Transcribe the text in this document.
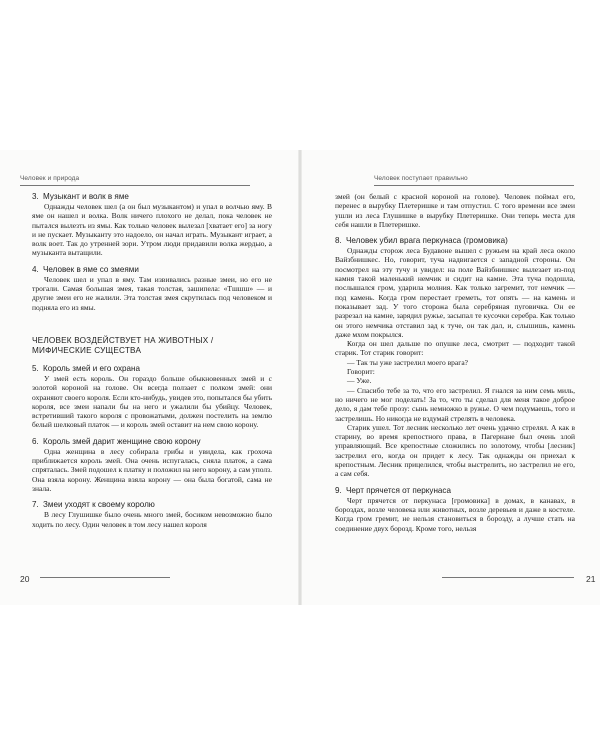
Человек и природа
3. Музыкант и волк в яме

Однажды человек шел (а он был музыкантом) и упал в волчью яму. В яме он нашел и волка. Волк ничего плохого не делал, пока человек не пытался вылезть из ямы. Как только человек вылезал [хватает его] за ногу и не пускает. Музыканту это надоело, он начал играть. Музыкант играет, а волк воет. Так до утренней зори. Утром люди придавили волка жердью, а музыканта вытащили.

4. Человек в яме со змеями

Человек шел и упал в яму. Там извивались разные змеи, но его не трогали. Самая большая змея, такая толстая, зашипела: «Тшшш» — и другие змеи его не жалили. Эта толстая змея скрутилась под человеком и подняла его из ямы.

ЧЕЛОВЕК ВОЗДЕЙСТВУЕТ НА ЖИВОТНЫХ /
МИФИЧЕСКИЕ СУЩЕСТВА
5. Король змей и его охрана

У змей есть король. Он гораздо больше обыкновенных змей и с золотой короной на голове. Он всегда ползает с полком змей: они охраняют своего короля. Если кто-нибудь, увидев это, попытался бы убить короля, все змеи напали бы на него и ужалили бы убийцу. Человек, встретивший такого короля с провожатыми, должен постелить на землю белый шелковый платок — и король змей оставит на нем свою корону.

6. Король змей дарит женщине свою корону

Одна женщина в лесу собирала грибы и увидела, как грохоча приближается король змей. Она очень испугалась, сняла платок, а сама спряталась. Змей подошел к платку и положил на него корону, а сам уполз. Она взяла корону. Женщина взяла корону — она была богатой, сама не знала.

7. Змеи уходят к своему королю

В лесу Глушишке было очень много змей, босиком невозможно было ходить по лесу. Один человек в том лесу нашел короля

20
Человек поступает правильно

змей (он белый с красной короной на голове). Человек поймал его, перенес в вырубку Плетеришке и там отпустил. С того времени все змеи ушли из леса Глушишке в вырубку Плетеришке. Они теперь места для себя нашли в Плетеришке.

8. Человек убил врага перкунаса (громовика)

Однажды сторож леса Будавоне вышел с ружьем на край леса около Вайзбнишкес. Но, говорит, туча надвигается с западной стороны. Он посмотрел на эту тучу и увидел: на поле Вайзбнишкес вылезает из-под камня такой маленький немчик и сидит на камне. Эта туча подошла, послышался гром, ударила молния. Как только загремит, тот немчик — под камень. Когда гром перестает греметь, тот опять — на камень и показывает зад. У того сторожа была серебряная пуговичка. Он ее разрезал на камне, зарядил ружье, засыпал те кусочки серебра. Как только он этого немчика отставил зад к туче, он так дал, и, слышишь, камень даже мхом покрылся.

Когда он шел дальше по опушке леса, смотрит — подходит такой старик. Тот старик говорит:

— Так ты уже застрелил моего врага?

Говорит:

— Уже.

— Спасибо тебе за то, что его застрелил. Я гнался за ним семь миль, но ничего не мог поделать! За то, что ты сделал для меня такое доброе дело, я дам тебе прозу: сынь немножко в ружье. О чем подумаешь, того и застрелишь. Но никогда не вздумай стрелять в человека.

Старик ушел. Тот лесник несколько лет очень удачно стрелял. А как в старину, во время крепостного права, в Пагернане был очень злой управляющий. Все крепостные сложились по золотому, чтобы [лесник] застрелил его, когда он придет к лесу. Так однажды он приехал к крепостным. Лесник прицелился, чтобы выстрелить, но застрелил не его, а сам себя.

9. Черт прячется от перкунаса

Черт прячется от перкунаса [громовика] в домах, в канавах, в бороздах, возле человека или животных, возле деревьев и даже в костеле. Когда гром гремит, не нельзя становиться в борозду, а лучше стать на соединение двух борозд. Кроме того, нельзя

21
